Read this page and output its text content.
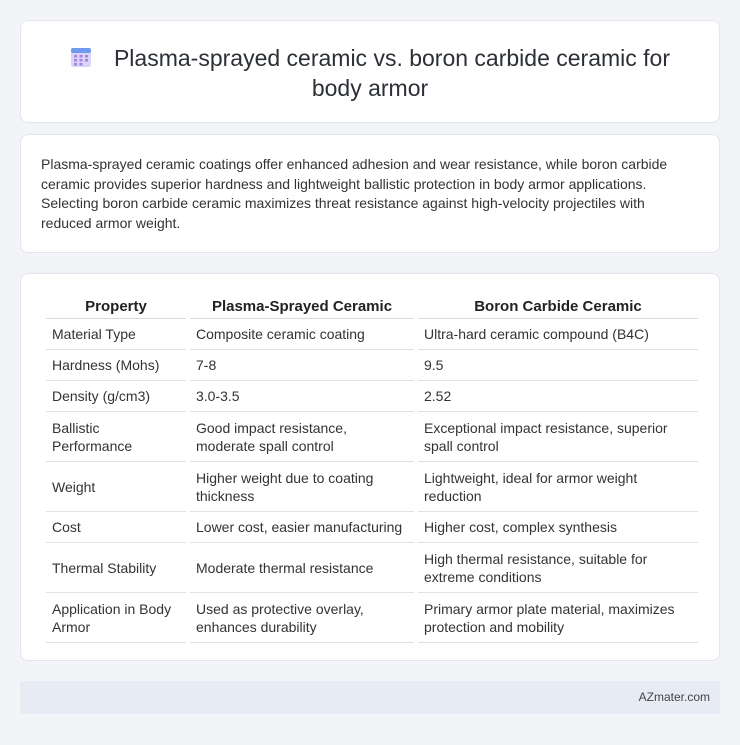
Plasma-sprayed ceramic vs. boron carbide ceramic for body armor

Plasma-sprayed ceramic coatings offer enhanced adhesion and wear resistance, while boron carbide ceramic provides superior hardness and lightweight ballistic protection in body armor applications. Selecting boron carbide ceramic maximizes threat resistance against high-velocity projectiles with reduced armor weight.

Property	Plasma-Sprayed Ceramic	Boron Carbide Ceramic
Material Type	Composite ceramic coating	Ultra-hard ceramic compound (B4C)
Hardness (Mohs)	7-8	9.5
Density (g/cm3)	3.0-3.5	2.52
Ballistic Performance	Good impact resistance, moderate spall control	Exceptional impact resistance, superior spall control
Weight	Higher weight due to coating thickness	Lightweight, ideal for armor weight reduction
Cost	Lower cost, easier manufacturing	Higher cost, complex synthesis
Thermal Stability	Moderate thermal resistance	High thermal resistance, suitable for extreme conditions
Application in Body Armor	Used as protective overlay, enhances durability	Primary armor plate material, maximizes protection and mobility
AZmater.com
